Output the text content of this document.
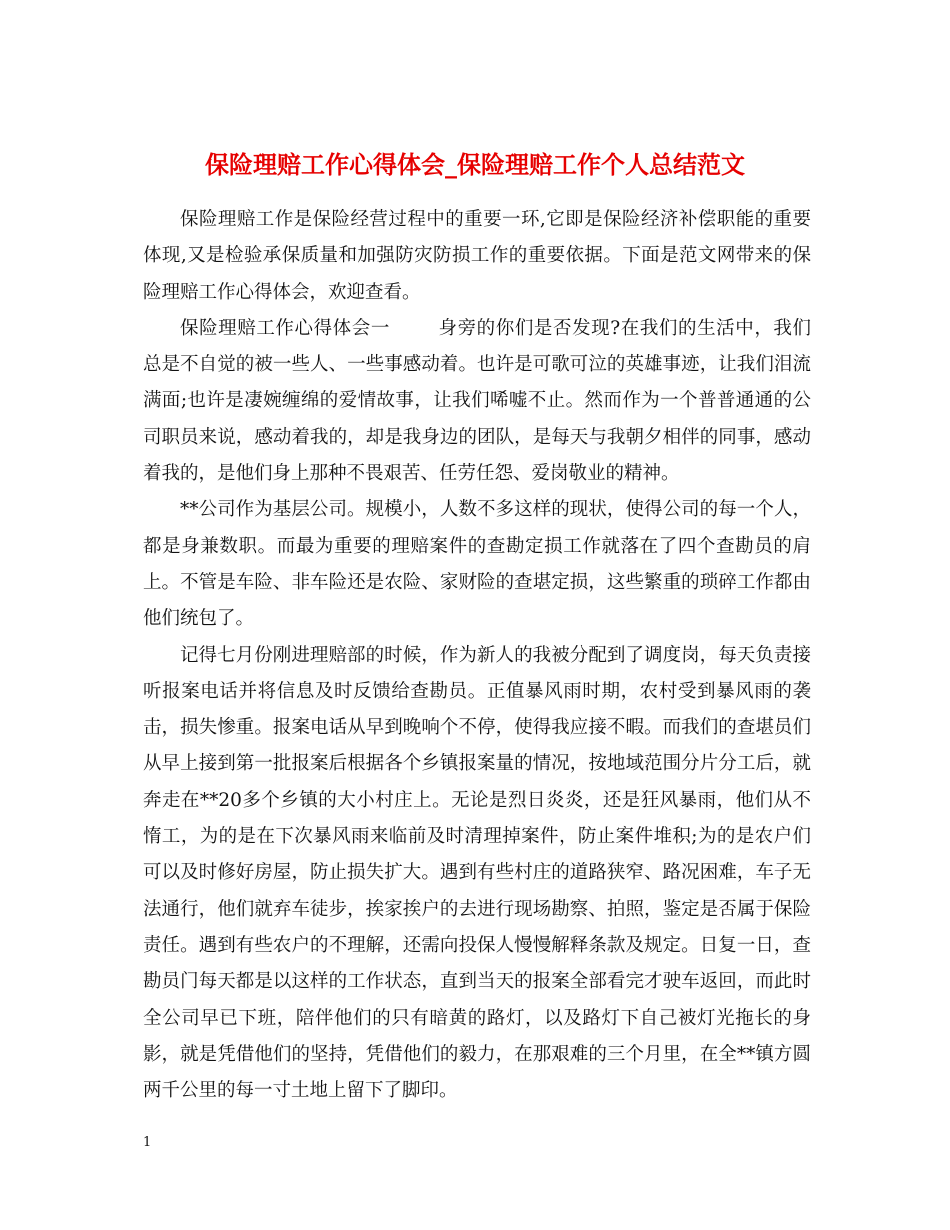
保险理赔工作心得体会_保险理赔工作个人总结范文

保险理赔工作是保险经营过程中的重要一环,它即是保险经济补偿职能的重要体现,又是检验承保质量和加强防灾防损工作的重要依据。下面是范文网带来的保险理赔工作心得体会，欢迎查看。

保险理赔工作心得体会一	身旁的你们是否发现?在我们的生活中，我们总是不自觉的被一些人、一些事感动着。也许是可歌可泣的英雄事迹，让我们泪流满面;也许是凄婉缠绵的爱情故事，让我们唏嘘不止。然而作为一个普普通通的公司职员来说，感动着我的，却是我身边的团队，是每天与我朝夕相伴的同事，感动着我的，是他们身上那种不畏艰苦、任劳任怨、爱岗敬业的精神。

**公司作为基层公司。规模小，人数不多这样的现状，使得公司的每一个人，都是身兼数职。而最为重要的理赔案件的查勘定损工作就落在了四个查勘员的肩上。不管是车险、非车险还是农险、家财险的查堪定损，这些繁重的琐碎工作都由他们统包了。

记得七月份刚进理赔部的时候，作为新人的我被分配到了调度岗，每天负责接听报案电话并将信息及时反馈给查勘员。正值暴风雨时期，农村受到暴风雨的袭击，损失惨重。报案电话从早到晚响个不停，使得我应接不暇。而我们的查堪员们从早上接到第一批报案后根据各个乡镇报案量的情况，按地域范围分片分工后，就奔走在**20多个乡镇的大小村庄上。无论是烈日炎炎，还是狂风暴雨，他们从不惰工，为的是在下次暴风雨来临前及时清理掉案件，防止案件堆积;为的是农户们可以及时修好房屋，防止损失扩大。遇到有些村庄的道路狭窄、路况困难，车子无法通行，他们就弃车徒步，挨家挨户的去进行现场勘察、拍照，鉴定是否属于保险责任。遇到有些农户的不理解，还需向投保人慢慢解释条款及规定。日复一日，查勘员门每天都是以这样的工作状态，直到当天的报案全部看完才驶车返回，而此时全公司早已下班，陪伴他们的只有暗黄的路灯，以及路灯下自己被灯光拖长的身影，就是凭借他们的坚持，凭借他们的毅力，在那艰难的三个月里，在全**镇方圆两千公里的每一寸土地上留下了脚印。

1
